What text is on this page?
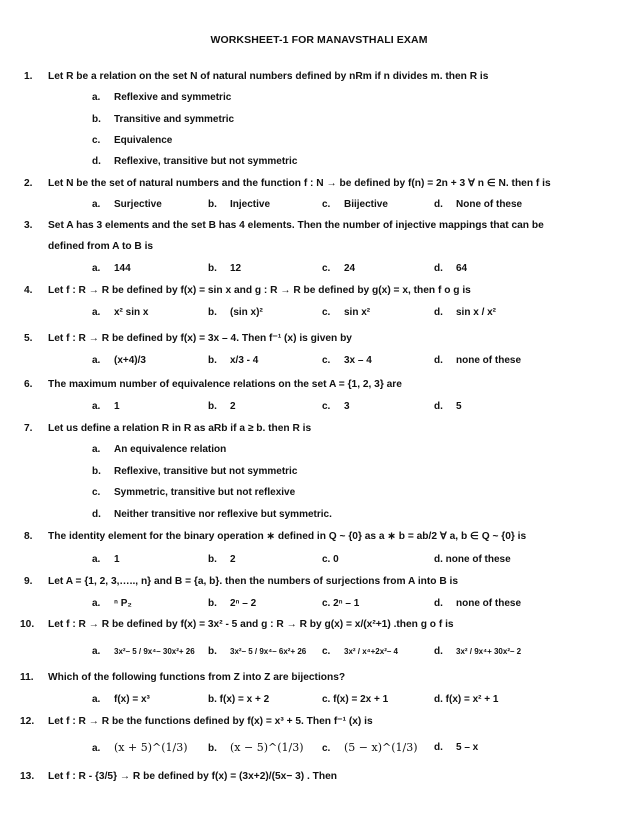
WORKSHEET-1 FOR MANAVSTHALI EXAM
1. Let R be a relation on the set N of natural numbers defined by nRm if n divides m. then R is
a. Reflexive and symmetric
b. Transitive and symmetric
c. Equivalence
d. Reflexive, transitive but not symmetric
2. Let N be the set of natural numbers and the function f : N → be defined by f(n) = 2n + 3 ∀ n ∈ N. then f is
a. Surjective	b. Injective	c. Biijective	d. None of these
3. Set A has 3 elements and the set B has 4 elements. Then the number of injective mappings that can be
defined from A to B is
a. 144	b. 12	c. 24	d. 64
4. Let f : R → R be defined by f(x) = sin x and g : R → R be defined by g(x) = x, then f o g is
a. x² sin x	b. (sin x)²	c. sin x²	d. sin x / x²
5. Let f : R → R be defined by f(x) = 3x – 4. Then f⁻¹ (x) is given by
a. (x+4)/3	b. x/3 - 4	c. 3x – 4	d. none of these
6. The maximum number of equivalence relations on the set A = {1, 2, 3} are
a. 1	b. 2	c. 3	d. 5
7. Let us define a relation R in R as aRb if a ≥ b. then R is
a. An equivalence relation
b. Reflexive, transitive but not symmetric
c. Symmetric, transitive but not reflexive
d. Neither transitive nor reflexive but symmetric.
8. The identity element for the binary operation ∗ defined in Q ~ {0} as a ∗ b = ab/2 ∀ a, b ∈ Q ~ {0} is
a. 1	b. 2	c. 0	d. none of these
9. Let A = {1, 2, 3,….., n} and B = {a, b}. then the numbers of surjections from A into B is
a. ⁿ P₂	b. 2ⁿ – 2	c. 2ⁿ – 1	d. none of these
10. Let f : R → R be defined by f(x) = 3x² - 5 and g : R → R by g(x) = x/(x²+1) .then g o f is
a. 3x²– 5 / 9x⁴– 30x²+ 26 b. 3x²– 5 / 9x⁴– 6x²+ 26 c. 3x² / x⁴+2x²– 4	d. 3x² / 9x⁴+ 30x²– 2
11. Which of the following functions from Z into Z are bijections?
a. f(x) = x³	b. f(x) = x + 2	c. f(x) = 2x + 1	d. f(x) = x² + 1
12. Let f : R → R be the functions defined by f(x) = x³ + 5. Then f⁻¹ (x) is
a. (x + 5)^(1/3) b. (x − 5)^(1/3) c. (5 − x)^(1/3) d. 5 – x
13. Let f : R - {3/5} → R be defined by f(x) = (3x+2)/(5x− 3) . Then
